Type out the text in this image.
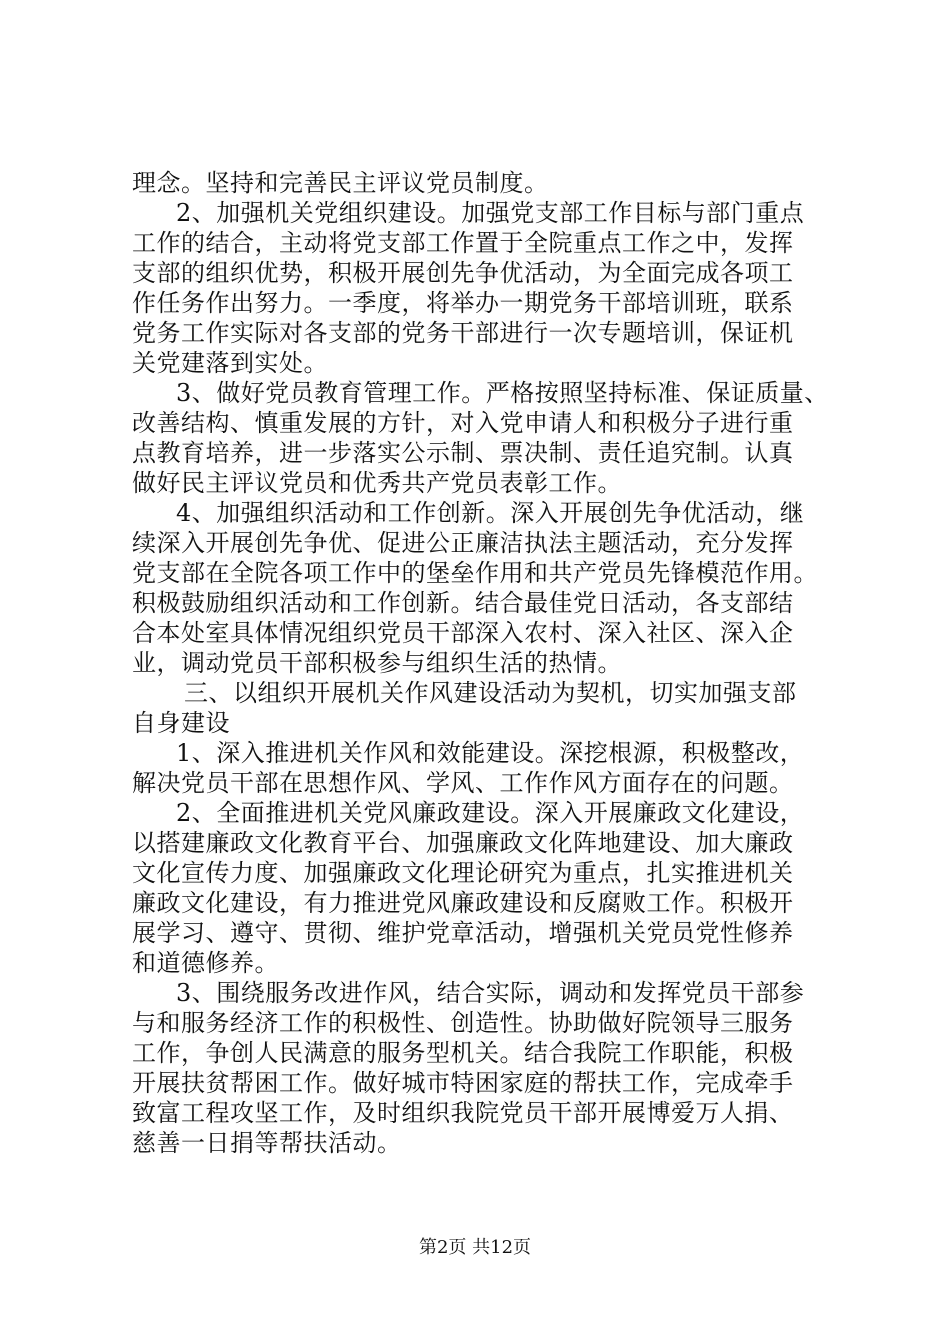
理念。坚持和完善民主评议党员制度。
2、加强机关党组织建设。加强党支部工作目标与部门重点
工作的结合，主动将党支部工作置于全院重点工作之中，发挥
支部的组织优势，积极开展创先争优活动，为全面完成各项工
作任务作出努力。一季度，将举办一期党务干部培训班，联系
党务工作实际对各支部的党务干部进行一次专题培训，保证机
关党建落到实处。
3、做好党员教育管理工作。严格按照坚持标准、保证质量、
改善结构、慎重发展的方针，对入党申请人和积极分子进行重
点教育培养，进一步落实公示制、票决制、责任追究制。认真
做好民主评议党员和优秀共产党员表彰工作。
4、加强组织活动和工作创新。深入开展创先争优活动，继
续深入开展创先争优、促进公正廉洁执法主题活动，充分发挥
党支部在全院各项工作中的堡垒作用和共产党员先锋模范作用。
积极鼓励组织活动和工作创新。结合最佳党日活动，各支部结
合本处室具体情况组织党员干部深入农村、深入社区、深入企
业，调动党员干部积极参与组织生活的热情。
三、以组织开展机关作风建设活动为契机，切实加强支部
自身建设
1、深入推进机关作风和效能建设。深挖根源，积极整改，
解决党员干部在思想作风、学风、工作作风方面存在的问题。
2、全面推进机关党风廉政建设。深入开展廉政文化建设，
以搭建廉政文化教育平台、加强廉政文化阵地建设、加大廉政
文化宣传力度、加强廉政文化理论研究为重点，扎实推进机关
廉政文化建设，有力推进党风廉政建设和反腐败工作。积极开
展学习、遵守、贯彻、维护党章活动，增强机关党员党性修养
和道德修养。
3、围绕服务改进作风，结合实际，调动和发挥党员干部参
与和服务经济工作的积极性、创造性。协助做好院领导三服务
工作，争创人民满意的服务型机关。结合我院工作职能，积极
开展扶贫帮困工作。做好城市特困家庭的帮扶工作，完成牵手
致富工程攻坚工作，及时组织我院党员干部开展博爱万人捐、
慈善一日捐等帮扶活动。
第2页 共12页
